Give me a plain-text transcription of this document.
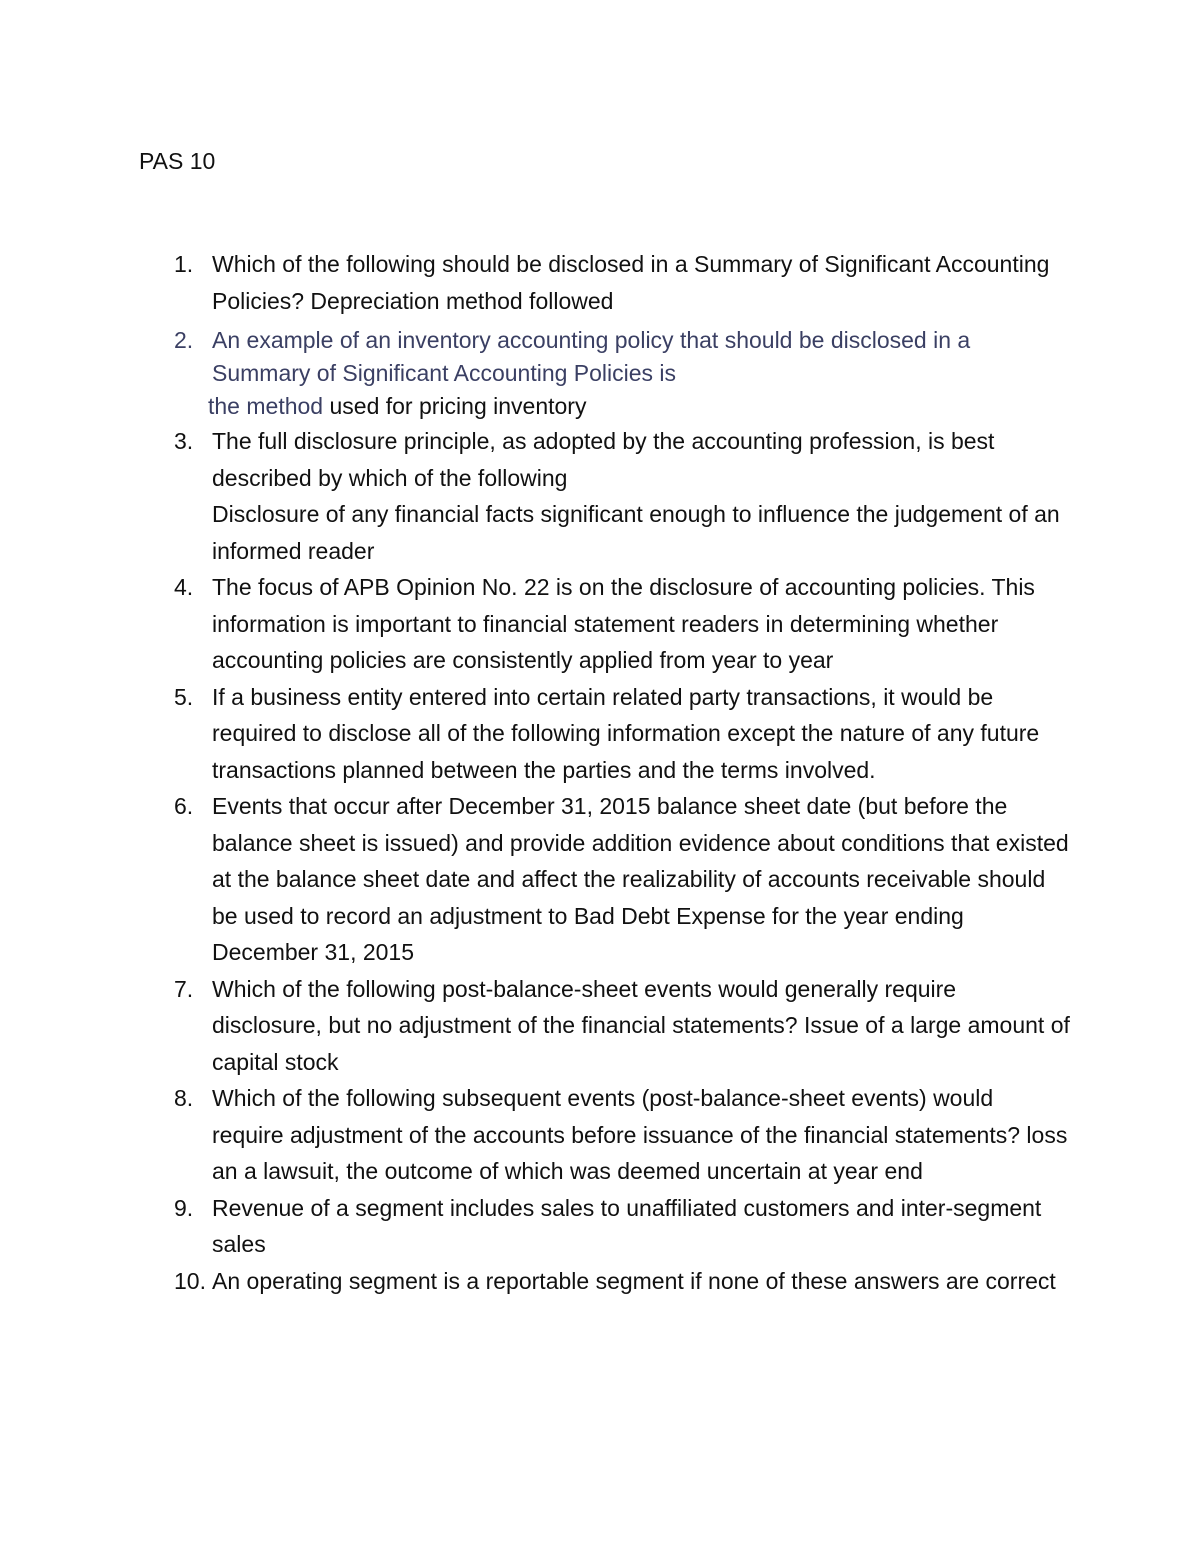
PAS 10
1. Which of the following should be disclosed in a Summary of Significant Accounting Policies? Depreciation method followed
2. An example of an inventory accounting policy that should be disclosed in a Summary of Significant Accounting Policies is
the method used for pricing inventory
3. The full disclosure principle, as adopted by the accounting profession, is best described by which of the following
Disclosure of any financial facts significant enough to influence the judgement of an informed reader
4. The focus of APB Opinion No. 22 is on the disclosure of accounting policies. This information is important to financial statement readers in determining whether accounting policies are consistently applied from year to year
5. If a business entity entered into certain related party transactions, it would be required to disclose all of the following information except the nature of any future transactions planned between the parties and the terms involved.
6. Events that occur after December 31, 2015 balance sheet date (but before the balance sheet is issued) and provide addition evidence about conditions that existed at the balance sheet date and affect the realizability of accounts receivable should be used to record an adjustment to Bad Debt Expense for the year ending December 31, 2015
7. Which of the following post-balance-sheet events would generally require disclosure, but no adjustment of the financial statements? Issue of a large amount of capital stock
8. Which of the following subsequent events (post-balance-sheet events) would require adjustment of the accounts before issuance of the financial statements? loss an a lawsuit, the outcome of which was deemed uncertain at year end
9. Revenue of a segment includes sales to unaffiliated customers and inter-segment sales
10. An operating segment is a reportable segment if none of these answers are correct
